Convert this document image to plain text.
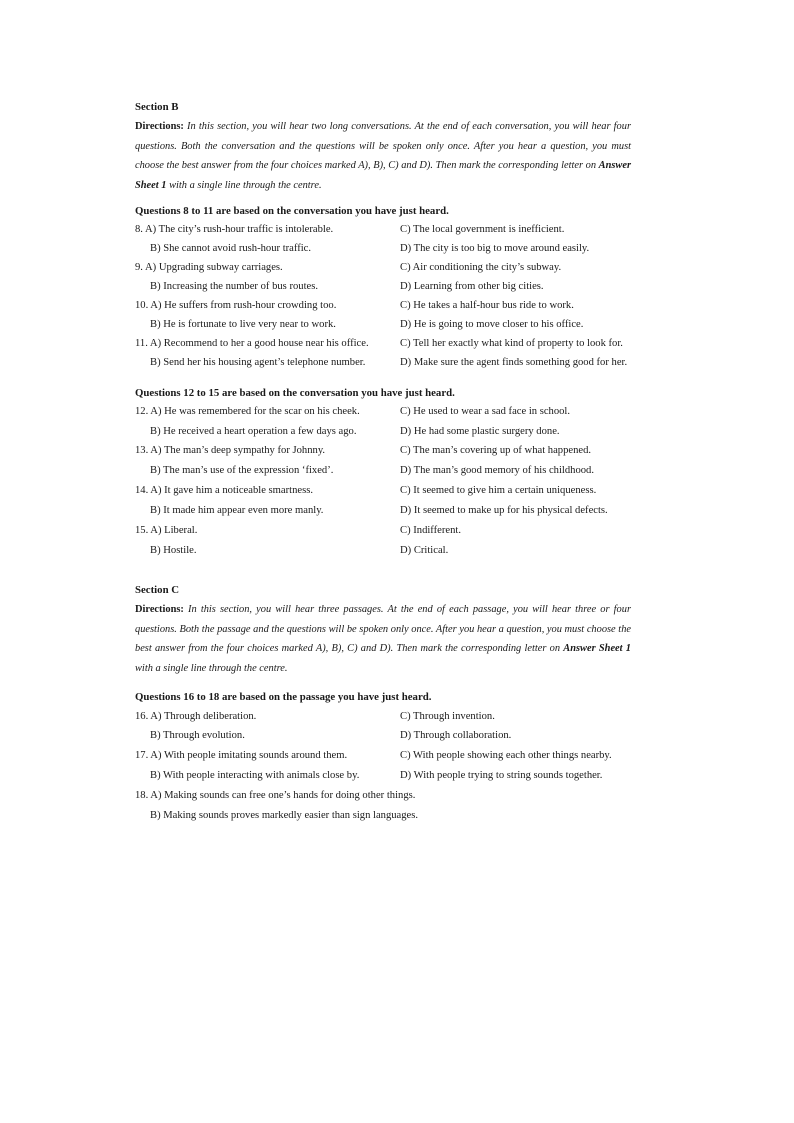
Section B
Directions: In this section, you will hear two long conversations. At the end of each conversation, you will hear four questions. Both the conversation and the questions will be spoken only once. After you hear a question, you must choose the best answer from the four choices marked A), B), C) and D). Then mark the corresponding letter on Answer Sheet 1 with a single line through the centre.
Questions 8 to 11 are based on the conversation you have just heard.
8. A) The city’s rush-hour traffic is intolerable.	C) The local government is inefficient.
B) She cannot avoid rush-hour traffic.	D) The city is too big to move around easily.
9. A) Upgrading subway carriages.	C) Air conditioning the city’s subway.
B) Increasing the number of bus routes.	D) Learning from other big cities.
10. A) He suffers from rush-hour crowding too.	C) He takes a half-hour bus ride to work.
B) He is fortunate to live very near to work.	D) He is going to move closer to his office.
11. A) Recommend to her a good house near his office.	C) Tell her exactly what kind of property to look for.
B) Send her his housing agent’s telephone number.	D) Make sure the agent finds something good for her.
Questions 12 to 15 are based on the conversation you have just heard.
12. A) He was remembered for the scar on his cheek.	C) He used to wear a sad face in school.
B) He received a heart operation a few days ago.	D) He had some plastic surgery done.
13. A) The man’s deep sympathy for Johnny.	C) The man’s covering up of what happened.
B) The man’s use of the expression ‘fixed’.	D) The man’s good memory of his childhood.
14. A) It gave him a noticeable smartness.	C) It seemed to give him a certain uniqueness.
B) It made him appear even more manly.	D) It seemed to make up for his physical defects.
15. A) Liberal.	C) Indifferent.
B) Hostile.	D) Critical.
Section C
Directions: In this section, you will hear three passages. At the end of each passage, you will hear three or four questions. Both the passage and the questions will be spoken only once. After you hear a question, you must choose the best answer from the four choices marked A), B), C) and D). Then mark the corresponding letter on Answer Sheet 1 with a single line through the centre.
Questions 16 to 18 are based on the passage you have just heard.
16. A) Through deliberation.	C) Through invention.
B) Through evolution.	D) Through collaboration.
17. A) With people imitating sounds around them.	C) With people showing each other things nearby.
B) With people interacting with animals close by.	D) With people trying to string sounds together.
18. A) Making sounds can free one’s hands for doing other things.
B) Making sounds proves markedly easier than sign languages.
